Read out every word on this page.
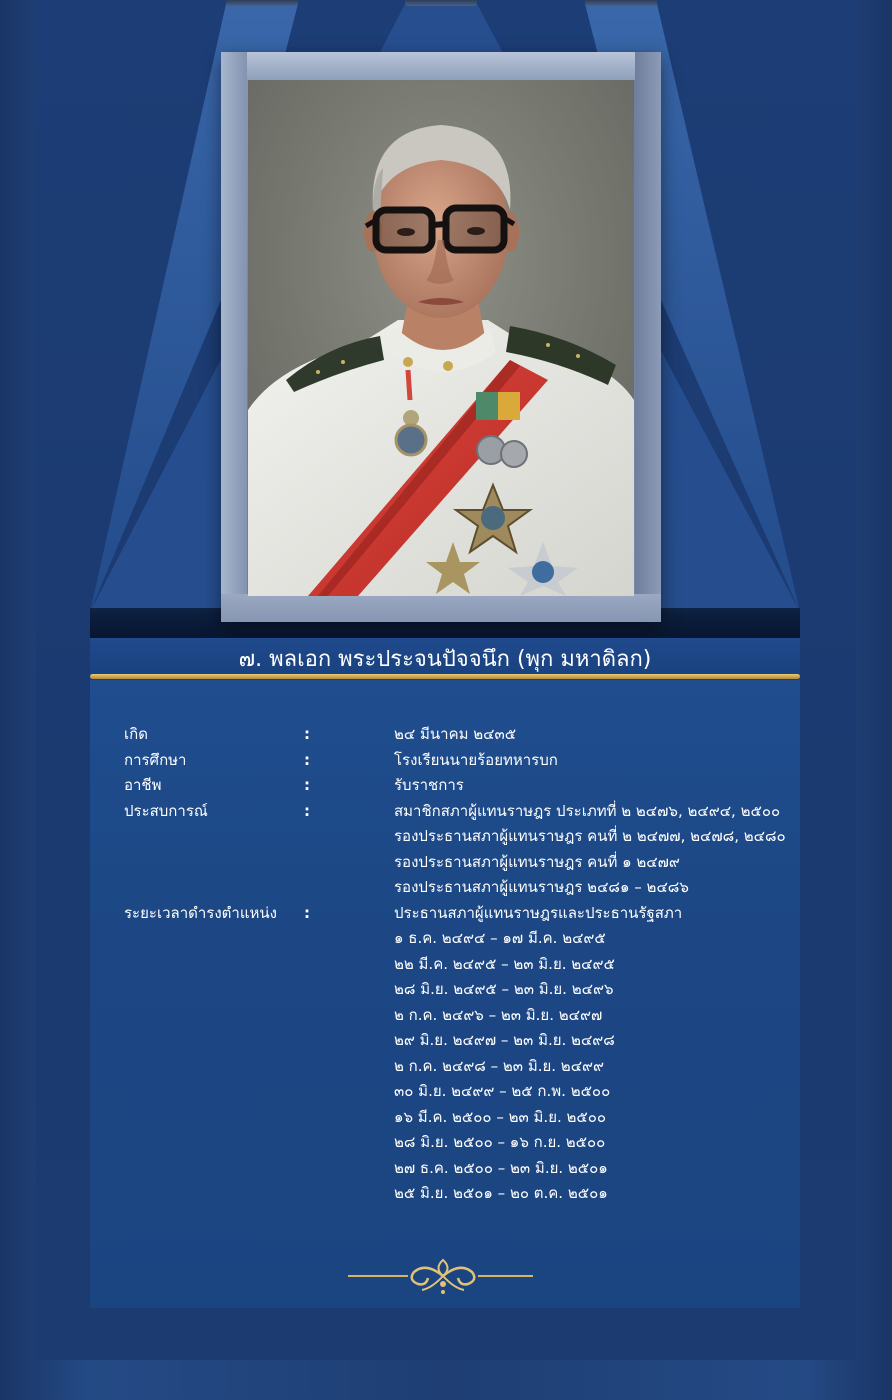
๗. พลเอก พระประจนปัจจนึก (พุก มหาดิลก)
เกิด	:	๒๔ มีนาคม ๒๔๓๕
การศึกษา	:	โรงเรียนนายร้อยทหารบก
อาชีพ	:	รับราชการ
ประสบการณ์	:	สมาชิกสภาผู้แทนราษฎร ประเภทที่ ๒ ๒๔๗๖, ๒๔๙๔, ๒๕๐๐
รองประธานสภาผู้แทนราษฎร คนที่ ๒ ๒๔๗๗, ๒๔๗๘, ๒๔๘๐
รองประธานสภาผู้แทนราษฎร คนที่ ๑ ๒๔๗๙
รองประธานสภาผู้แทนราษฎร ๒๔๘๑ – ๒๔๘๖
ระยะเวลาดำรงตำแหน่ง :	ประธานสภาผู้แทนราษฎรและประธานรัฐสภา
๑ ธ.ค. ๒๔๙๔ – ๑๗ มี.ค. ๒๔๙๕
๒๒ มี.ค. ๒๔๙๕ – ๒๓ มิ.ย. ๒๔๙๕
๒๘ มิ.ย. ๒๔๙๕ – ๒๓ มิ.ย. ๒๔๙๖
๒ ก.ค. ๒๔๙๖ – ๒๓ มิ.ย. ๒๔๙๗
๒๙ มิ.ย. ๒๔๙๗ – ๒๓ มิ.ย. ๒๔๙๘
๒ ก.ค. ๒๔๙๘ – ๒๓ มิ.ย. ๒๔๙๙
๓๐ มิ.ย. ๒๔๙๙ – ๒๕ ก.พ. ๒๕๐๐
๑๖ มี.ค. ๒๕๐๐ – ๒๓ มิ.ย. ๒๕๐๐
๒๘ มิ.ย. ๒๕๐๐ – ๑๖ ก.ย. ๒๕๐๐
๒๗ ธ.ค. ๒๕๐๐ – ๒๓ มิ.ย. ๒๕๐๑
๒๕ มิ.ย. ๒๕๐๑ – ๒๐ ต.ค. ๒๕๐๑
